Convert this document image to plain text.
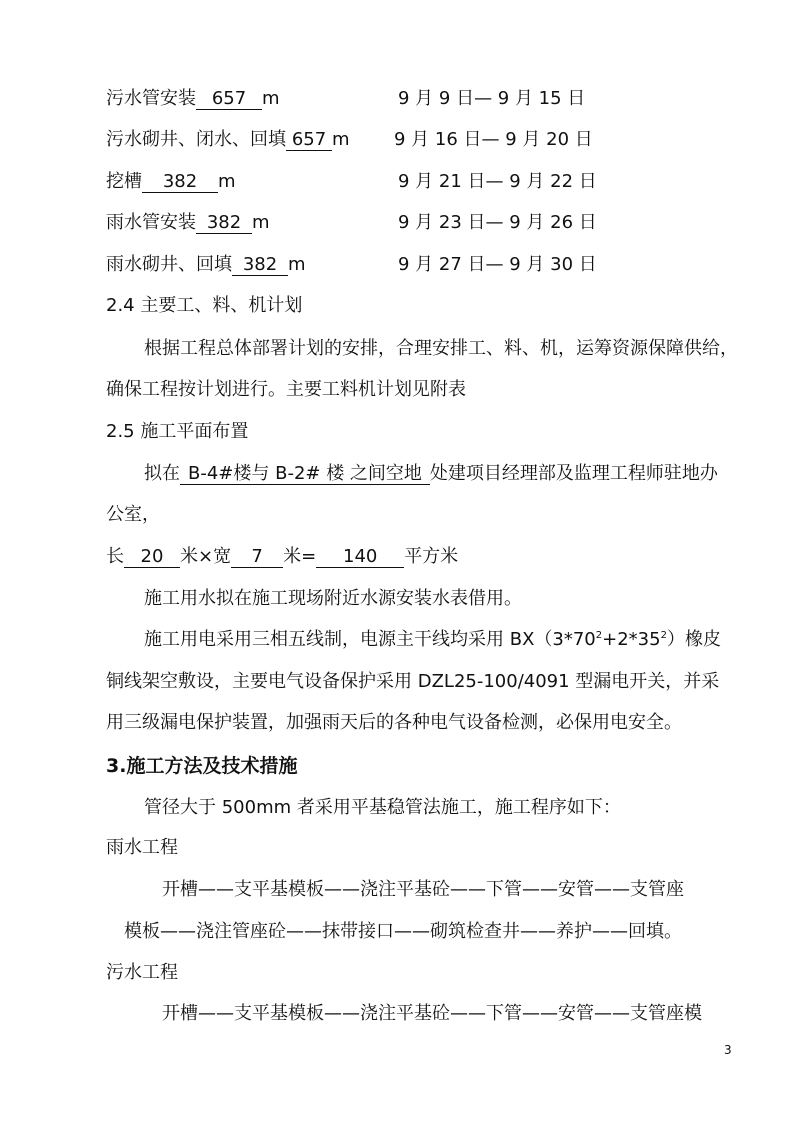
污水管安装 657 m	9 月 9 日— 9 月 15 日
污水砌井、闭水、回填 657 m 9 月 16 日— 9 月 20 日
挖槽 382 m	9 月 21 日— 9 月 22 日
雨水管安装 382 m	9 月 23 日— 9 月 26 日
雨水砌井、回填 382 m	9 月 27 日— 9 月 30 日
2.4 主要工、料、机计划
根据工程总体部署计划的安排，合理安排工、料、机，运筹资源保障供给，
确保工程按计划进行。主要工料机计划见附表
2.5 施工平面布置
拟在 B-4#楼与 B-2# 楼 之间空地 处建项目经理部及监理工程师驻地办
公室，
长 20 米×宽 7 米= 140 平方米
施工用水拟在施工现场附近水源安装水表借用。
施工用电采用三相五线制，电源主干线均采用 $BX(3*70^2+2*35^2)$橡皮
铜线架空敷设，主要电气设备保护采用 DZL25-100/4091 型漏电开关，并采
用三级漏电保护装置，加强雨天后的各种电气设备检测，必保用电安全。
3.施工方法及技术措施
管径大于 500mm 者采用平基稳管法施工，施工程序如下：
雨水工程
开槽——支平基模板——浇注平基砼——下管——安管——支管座
模板——浇注管座砼——抹带接口——砌筑检查井——养护——回填。
污水工程
开槽——支平基模板——浇注平基砼——下管——安管——支管座模
3
